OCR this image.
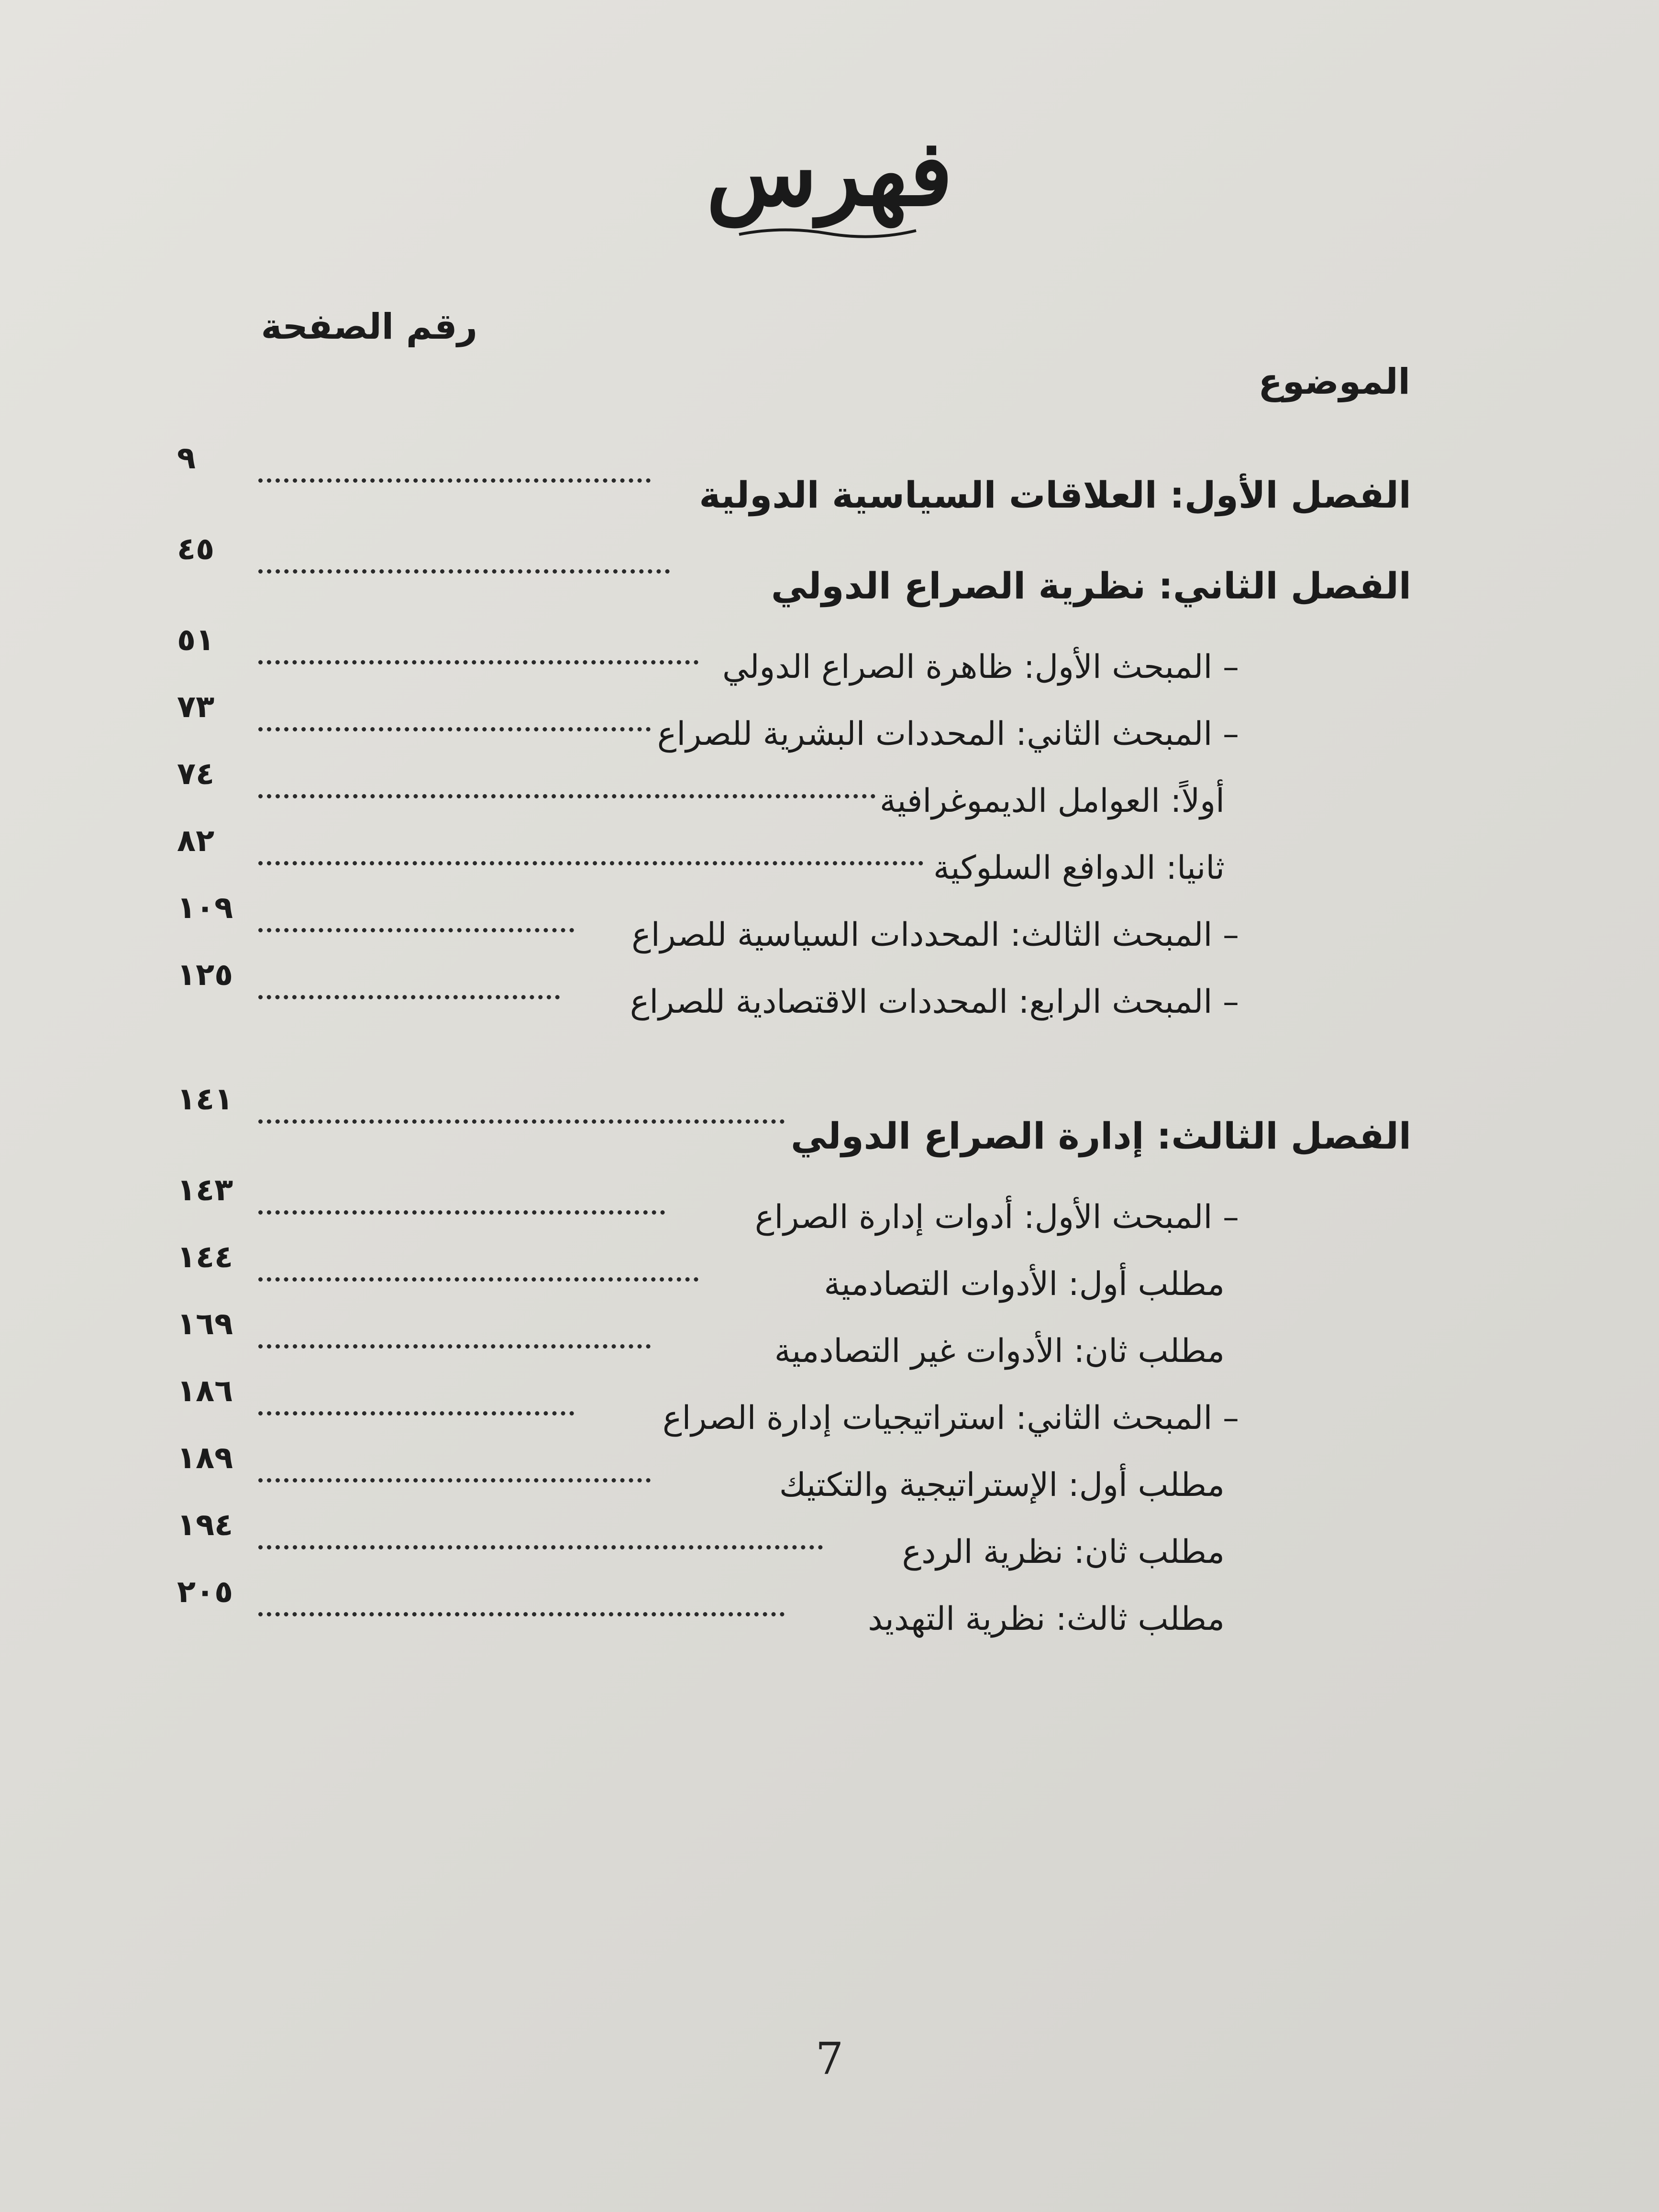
فهرس
رقم الصفحة
الموضوع
الفصل الأول: العلاقات السياسية الدولية
٩
الفصل الثاني: نظرية الصراع الدولي
٤٥
– المبحث الأول: ظاهرة الصراع الدولي
٥١
– المبحث الثاني: المحددات البشرية للصراع
٧٣
أولاً: العوامل الديموغرافية
٧٤
ثانيا: الدوافع السلوكية
٨٢
– المبحث الثالث: المحددات السياسية للصراع
١٠٩
– المبحث الرابع: المحددات الاقتصادية للصراع
١٢٥
الفصل الثالث: إدارة الصراع الدولي
١٤١
– المبحث الأول: أدوات إدارة الصراع
١٤٣
مطلب أول: الأدوات التصادمية
١٤٤
مطلب ثان: الأدوات غير التصادمية
١٦٩
– المبحث الثاني: استراتيجيات إدارة الصراع
١٨٦
مطلب أول: الإستراتيجية والتكتيك
١٨٩
مطلب ثان: نظرية الردع
١٩٤
مطلب ثالث: نظرية التهديد
٢٠٥
7
